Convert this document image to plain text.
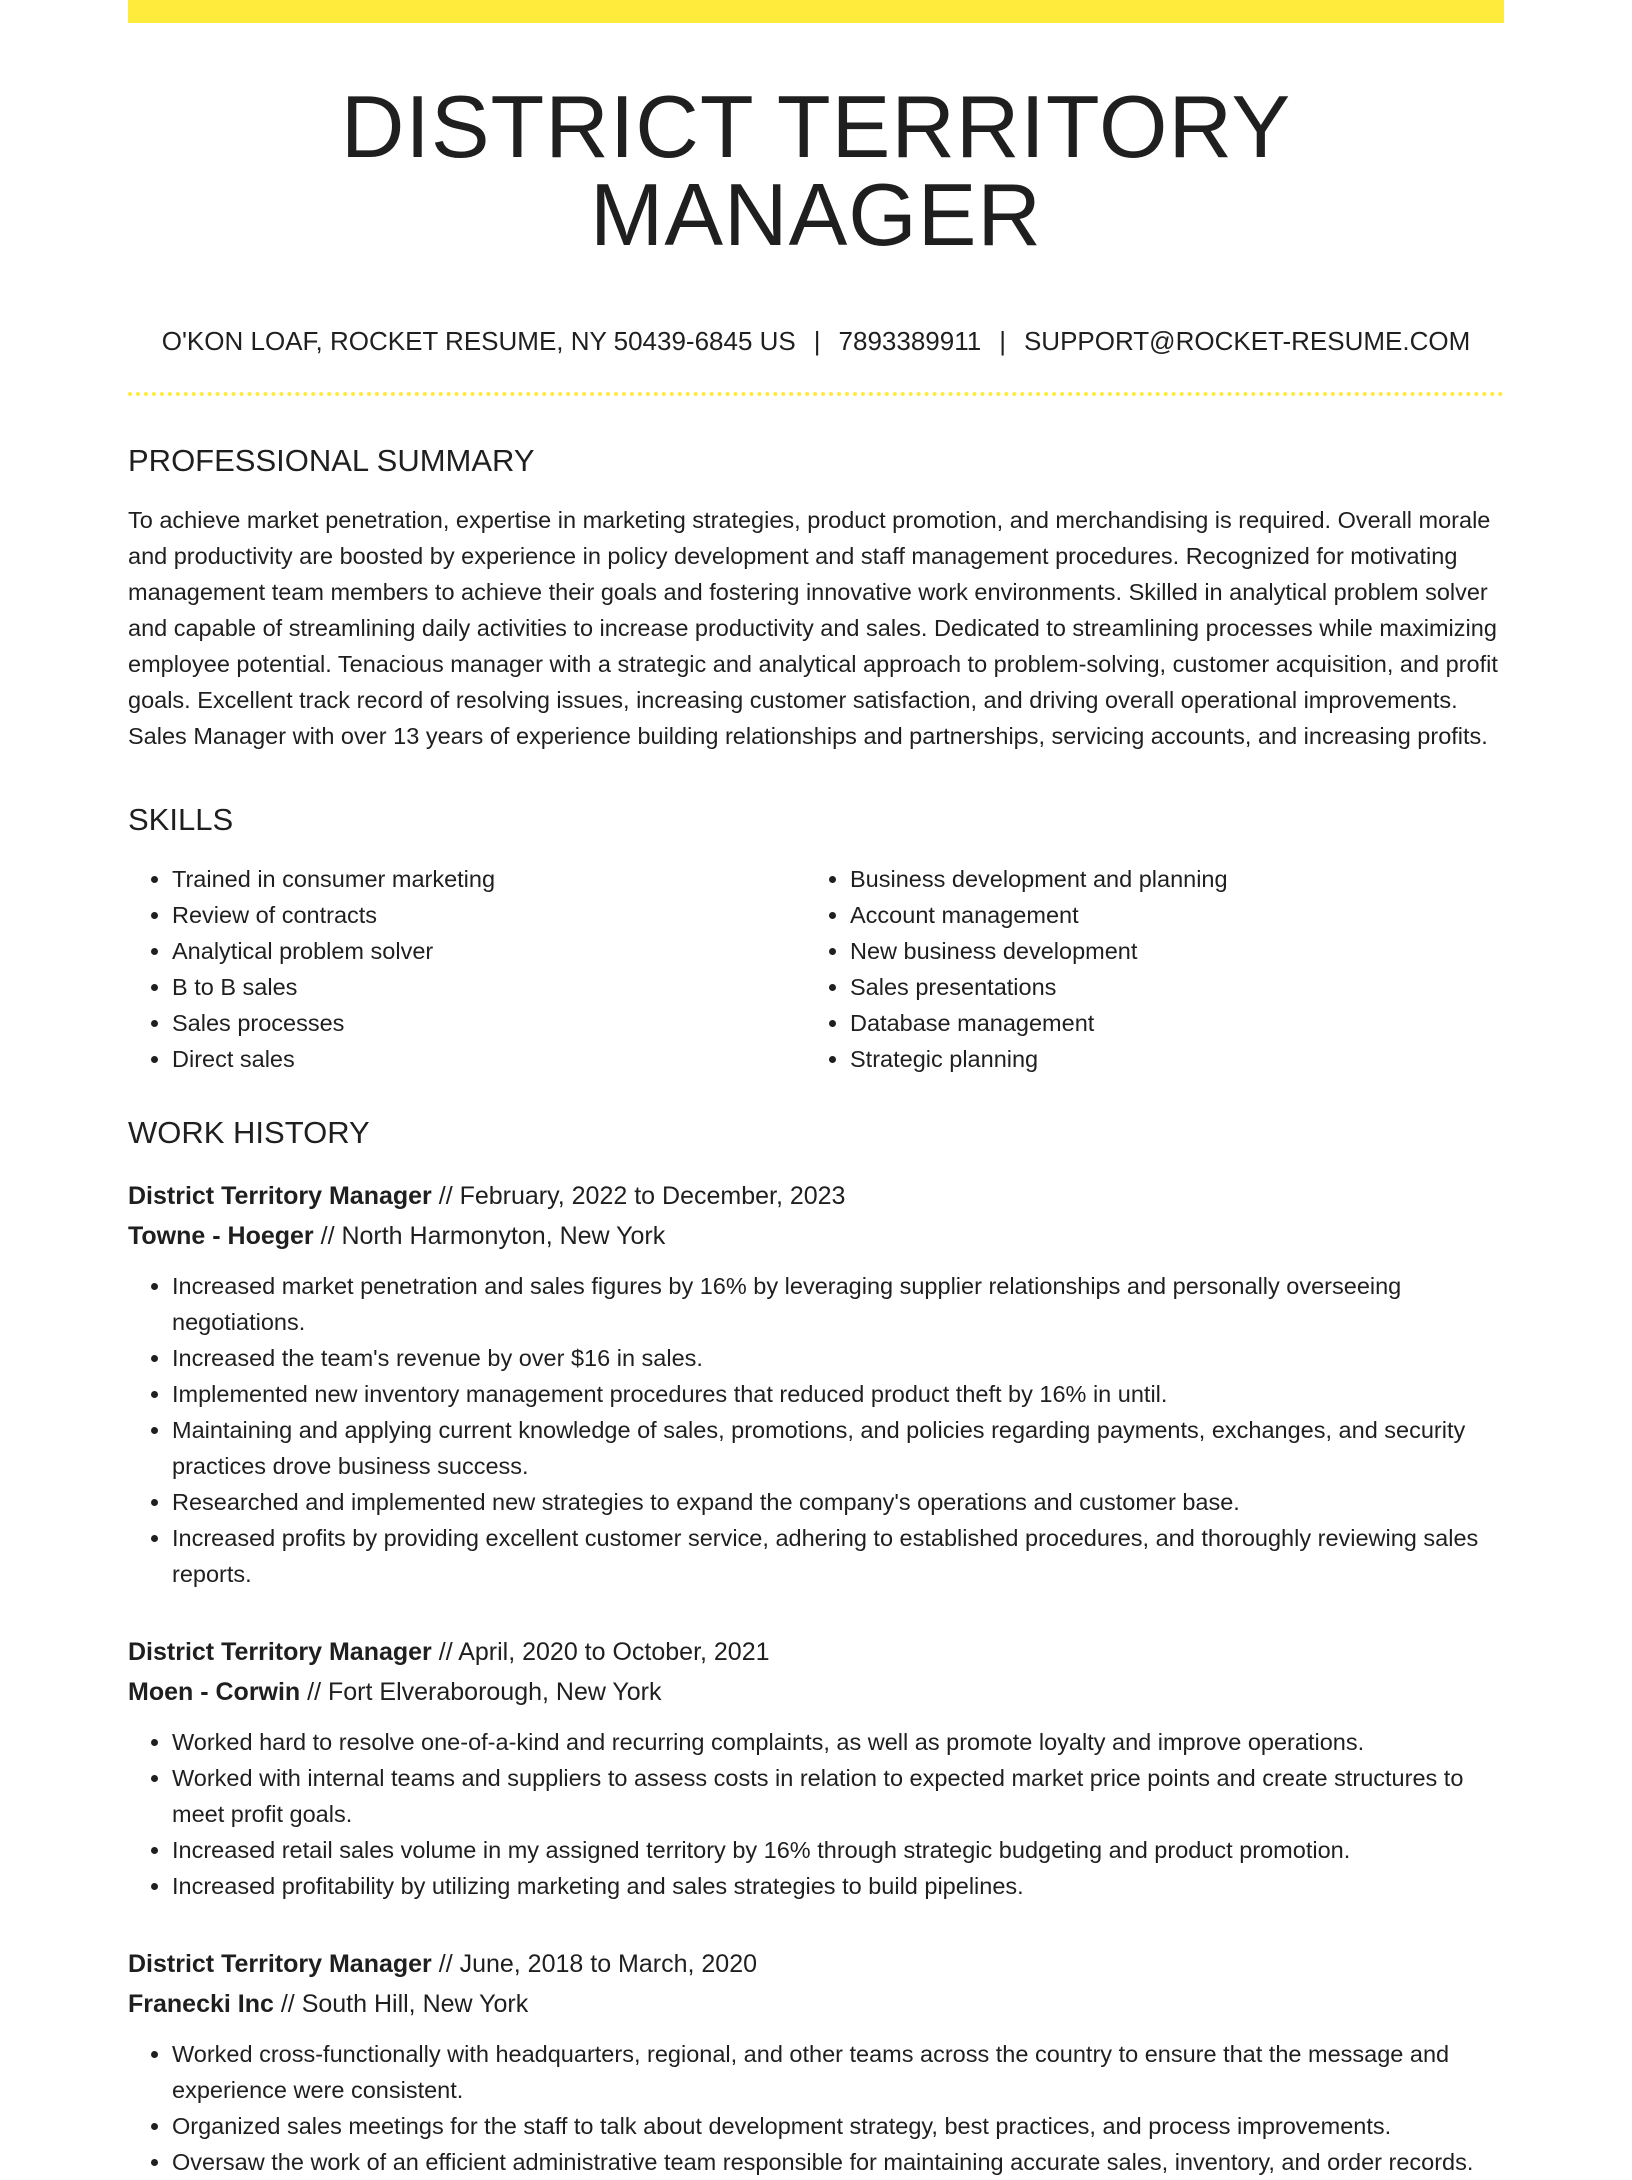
DISTRICT TERRITORY MANAGER
O'KON LOAF, ROCKET RESUME, NY 50439-6845 US | 7893389911 | SUPPORT@ROCKET-RESUME.COM
PROFESSIONAL SUMMARY

To achieve market penetration, expertise in marketing strategies, product promotion, and merchandising is required. Overall morale and productivity are boosted by experience in policy development and staff management procedures. Recognized for motivating management team members to achieve their goals and fostering innovative work environments. Skilled in analytical problem solver and capable of streamlining daily activities to increase productivity and sales. Dedicated to streamlining processes while maximizing employee potential. Tenacious manager with a strategic and analytical approach to problem-solving, customer acquisition, and profit goals. Excellent track record of resolving issues, increasing customer satisfaction, and driving overall operational improvements. Sales Manager with over 13 years of experience building relationships and partnerships, servicing accounts, and increasing profits.

SKILLS
• Trained in consumer marketing
• Review of contracts
• Analytical problem solver
• B to B sales
• Sales processes
• Direct sales
• Business development and planning
• Account management
• New business development
• Sales presentations
• Database management
• Strategic planning
WORK HISTORY
District Territory Manager // February, 2022 to December, 2023
Towne - Hoeger // North Harmonyton, New York
• Increased market penetration and sales figures by 16% by leveraging supplier relationships and personally overseeing negotiations.
• Increased the team's revenue by over $16 in sales.
• Implemented new inventory management procedures that reduced product theft by 16% in until.
• Maintaining and applying current knowledge of sales, promotions, and policies regarding payments, exchanges, and security practices drove business success.
• Researched and implemented new strategies to expand the company's operations and customer base.
• Increased profits by providing excellent customer service, adhering to established procedures, and thoroughly reviewing sales reports.
District Territory Manager // April, 2020 to October, 2021
Moen - Corwin // Fort Elveraborough, New York
• Worked hard to resolve one-of-a-kind and recurring complaints, as well as promote loyalty and improve operations.
• Worked with internal teams and suppliers to assess costs in relation to expected market price points and create structures to meet profit goals.
• Increased retail sales volume in my assigned territory by 16% through strategic budgeting and product promotion.
• Increased profitability by utilizing marketing and sales strategies to build pipelines.
District Territory Manager // June, 2018 to March, 2020
Franecki Inc // South Hill, New York
• Worked cross-functionally with headquarters, regional, and other teams across the country to ensure that the message and experience were consistent.
• Organized sales meetings for the staff to talk about development strategy, best practices, and process improvements.
• Oversaw the work of an efficient administrative team responsible for maintaining accurate sales, inventory, and order records.
